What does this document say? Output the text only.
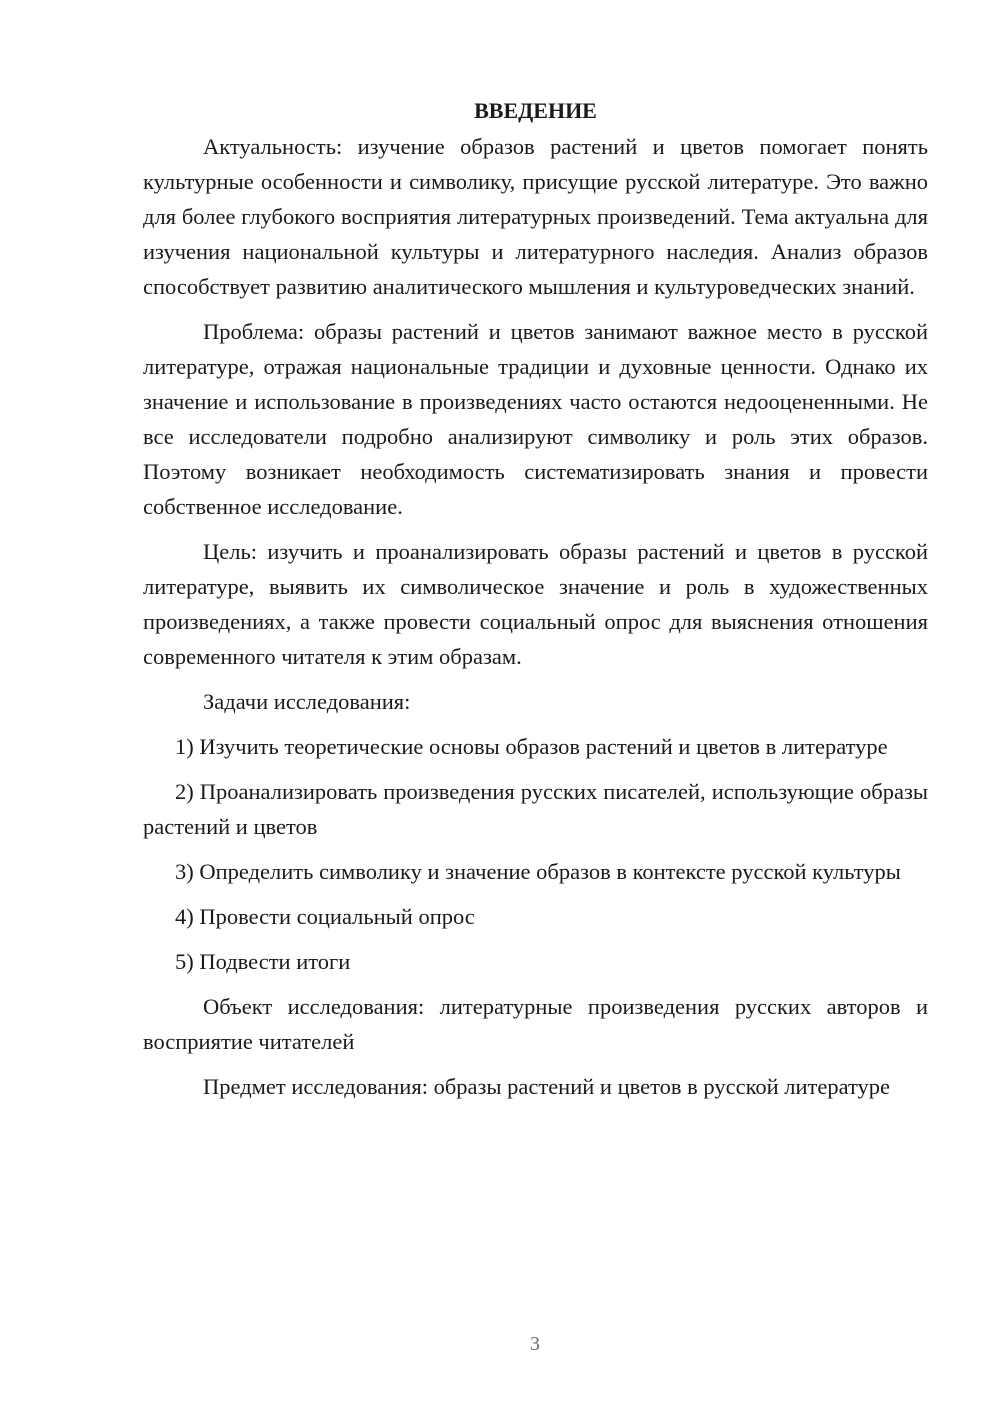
ВВЕДЕНИЕ

Актуальность: изучение образов растений и цветов помогает понять культурные особенности и символику, присущие русской литературе. Это важно для более глубокого восприятия литературных произведений. Тема актуальна для изучения национальной культуры и литературного наследия. Анализ образов способствует развитию аналитического мышления и культуроведческих знаний.

Проблема: образы растений и цветов занимают важное место в русской литературе, отражая национальные традиции и духовные ценности. Однако их значение и использование в произведениях часто остаются недооцененными. Не все исследователи подробно анализируют символику и роль этих образов. Поэтому возникает необходимость систематизировать знания и провести собственное исследование.

Цель: изучить и проанализировать образы растений и цветов в русской литературе, выявить их символическое значение и роль в художественных произведениях, а также провести социальный опрос для выяснения отношения современного читателя к этим образам.

Задачи исследования:

1) Изучить теоретические основы образов растений и цветов в литературе

2) Проанализировать произведения русских писателей, использующие образы растений и цветов

3) Определить символику и значение образов в контексте русской культуры

4) Провести социальный опрос

5) Подвести итоги

Объект исследования: литературные произведения русских авторов и восприятие читателей

Предмет исследования: образы растений и цветов в русской литературе

3
